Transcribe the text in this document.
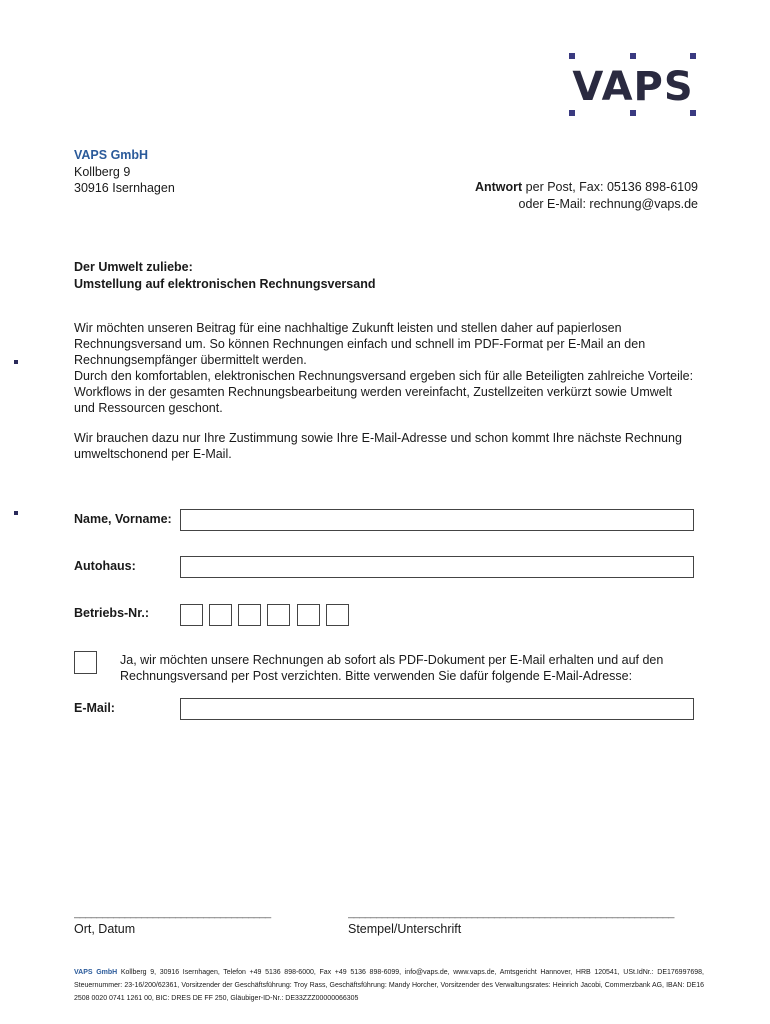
VAPS
VAPS GmbH
Kollberg 9
30916 Isernhagen	Antwort per Post, Fax: 05136 898-6109
oder E-Mail: rechnung@vaps.de
Der Umwelt zuliebe:
Umstellung auf elektronischen Rechnungsversand
Wir möchten unseren Beitrag für eine nachhaltige Zukunft leisten und stellen daher auf papierlosen Rechnungsversand um. So können Rechnungen einfach und schnell im PDF-Format per E-Mail an den Rechnungsempfänger übermittelt werden.
Durch den komfortablen, elektronischen Rechnungsversand ergeben sich für alle Beteiligten zahlreiche Vorteile: Workflows in der gesamten Rechnungsbearbeitung werden vereinfacht, Zustellzeiten verkürzt sowie Umwelt und Ressourcen geschont.
Wir brauchen dazu nur Ihre Zustimmung sowie Ihre E-Mail-Adresse und schon kommt Ihre nächste Rechnung umweltschonend per E-Mail.
Name, Vorname:
Autohaus:
Betriebs-Nr.:
Ja, wir möchten unsere Rechnungen ab sofort als PDF-Dokument per E-Mail erhalten und auf den Rechnungsversand per Post verzichten. Bitte verwenden Sie dafür folgende E-Mail-Adresse:
E-Mail:
___________________________________
Ort, Datum
__________________________________________________________
Stempel/Unterschrift
VAPS GmbH Kollberg 9, 30916 Isernhagen, Telefon +49 5136 898-6000, Fax +49 5136 898-6099, info@vaps.de, www.vaps.de, Amtsgericht Hannover, HRB 120541, USt.IdNr.: DE176997698, Steuernummer: 23-16/200/62361, Vorsitzender der Geschäftsführung: Troy Rass, Geschäftsführung: Mandy Horcher, Vorsitzender des Verwaltungsrates: Heinrich Jacobi, Commerzbank AG, IBAN: DE16 2508 0020 0741 1261 00, BIC: DRES DE FF 250, Gläubiger-ID-Nr.: DE33ZZZ00000066305
